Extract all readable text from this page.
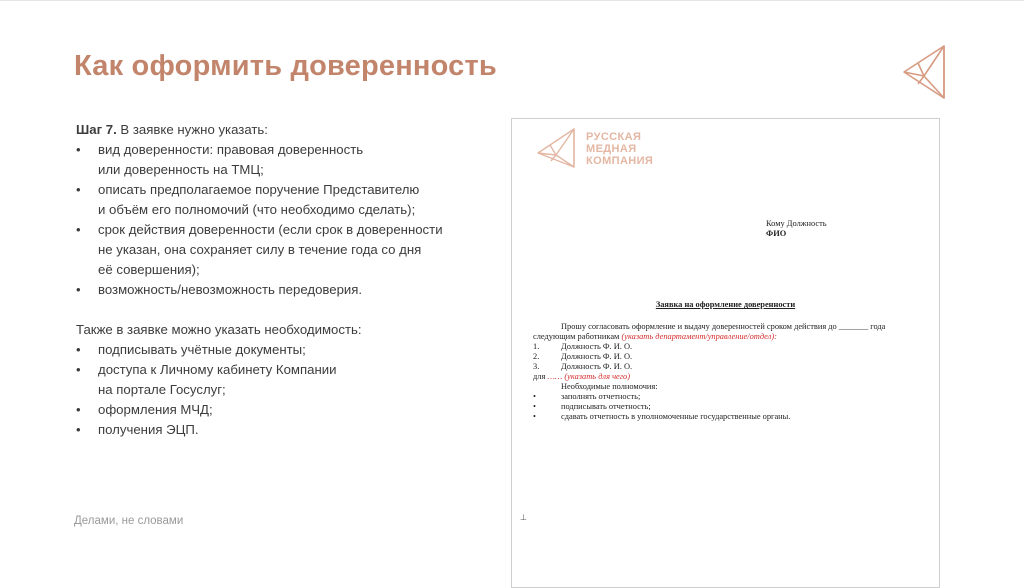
Как оформить доверенность
Шаг 7. В заявке нужно указать:
•	вид доверенности: правовая доверенность
или доверенность на ТМЦ;
•	описать предполагаемое поручение Представителю
и объём его полномочий (что необходимо сделать);
•	срок действия доверенности (если срок в доверенности
не указан, она сохраняет силу в течение года со дня
её совершения);
•	возможность/невозможность передоверия.
Также в заявке можно указать необходимость:
•	подписывать учётные документы;
•	доступа к Личному кабинету Компании
на портале Госуслуг;
•	оформления МЧД;
•	получения ЭЦП.
Делами, не словами
РУССКАЯ
МЕДНАЯ
КОМПАНИЯ
Кому Должность
ФИО
Заявка на оформление доверенности
Прошу согласовать оформление и выдачу доверенностей сроком действия до _______ года
следующим работникам (указать департамент/управление/отдел):
1.	Должность Ф. И. О.
2.	Должность Ф. И. О.
3.	Должность Ф. И. О.
для …… (указать для чего)
Необходимые полномочия:
•	заполнять отчетность;
•	подписывать отчетность;
•	сдавать отчетность в уполномоченные государственные органы.
⊥
